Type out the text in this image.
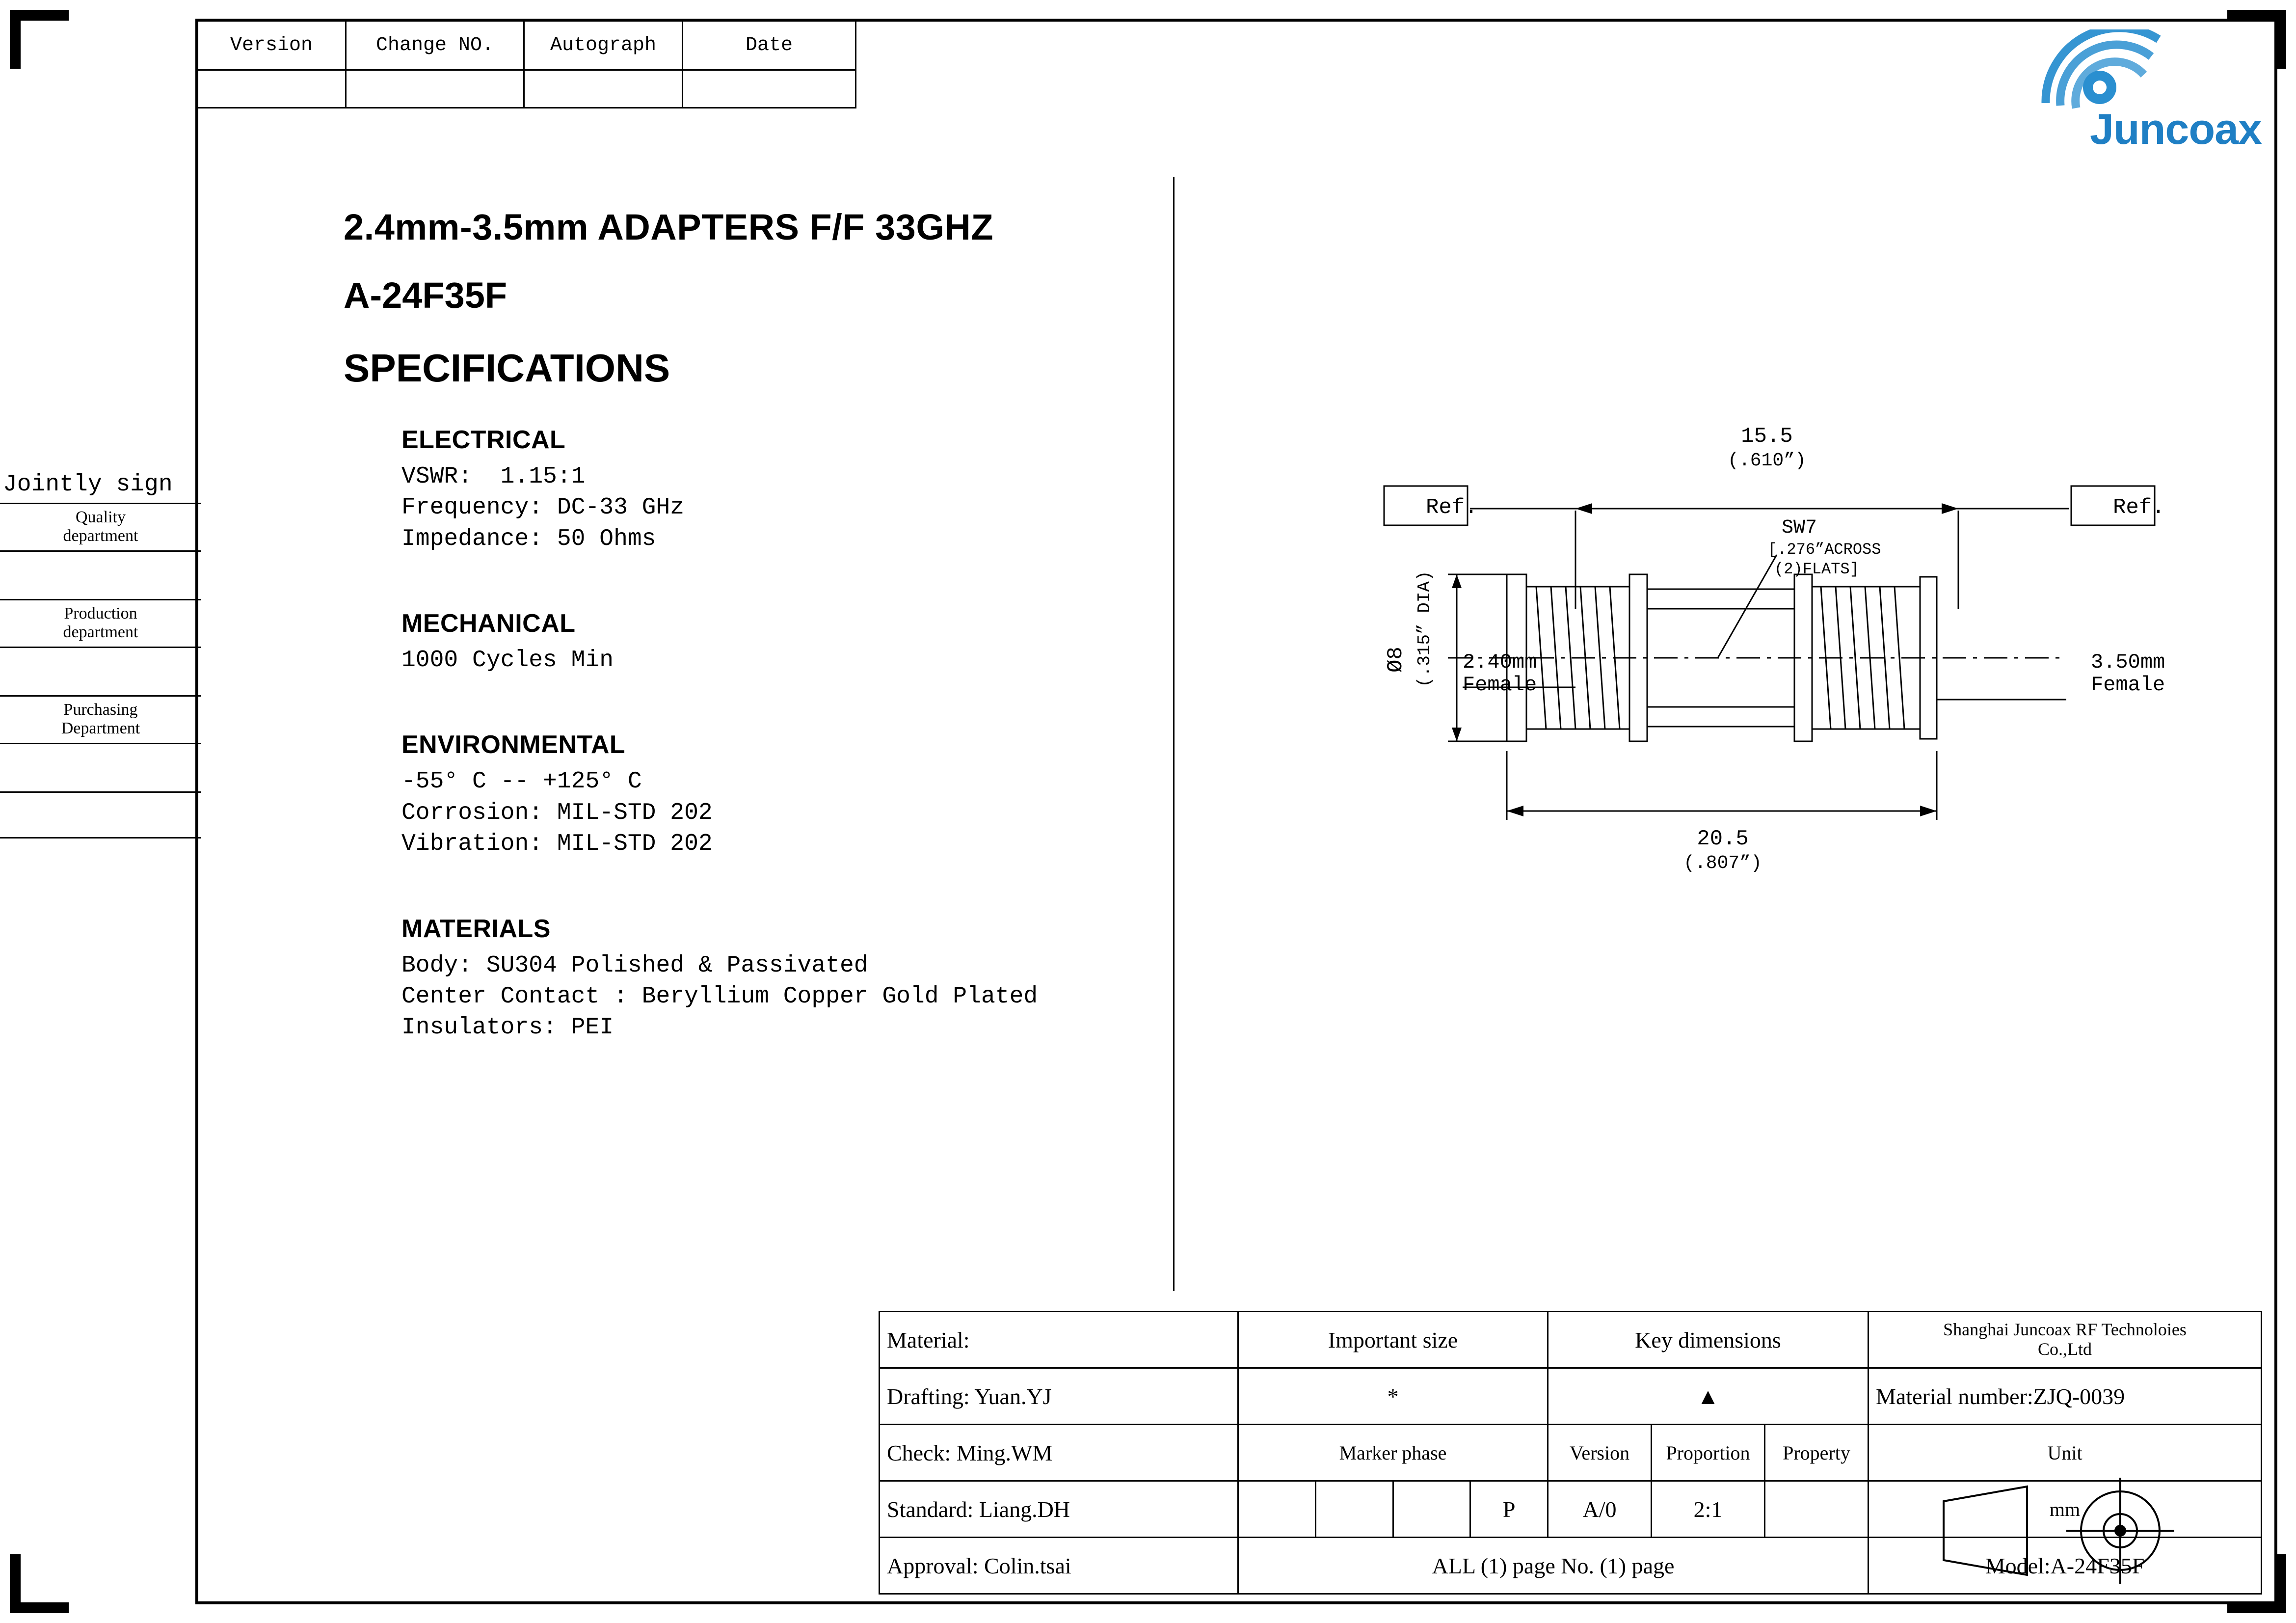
Version	Change NO.	Autograph	Date

Juncoax
Jointly sign
Quality
department
Production
department
Purchasing
Department
2.4mm-3.5mm ADAPTERS F/F 33GHZ
A-24F35F
SPECIFICATIONS
ELECTRICAL
VSWR:  1.15:1
Frequency: DC-33 GHz
Impedance: 50 Ohms
MECHANICAL
1000 Cycles Min
ENVIRONMENTAL
-55° C -- +125° C
Corrosion: MIL-STD 202
Vibration: MIL-STD 202
MATERIALS
Body: SU304 Polished & Passivated
Center Contact : Beryllium Copper Gold Plated
Insulators: PEI
Ref.	Ref.
15.5
(.610”)
SW7
[.276”ACROSS
(2)FLATS]
20.5
(.807”)
Ø8 (.315” DIA) 2.40mm
Female
3.50mm
Female
Material:	Important size				Key dimensions			Shanghai Juncoax RF Technoloies
Co.,Ltd

Drafting: Yuan.YJ	*				▲			Material number:ZJQ-0039
Check: Ming.WM	Marker phase				Version	Proportion	Property	Unit
Standard: Liang.DH				P	A/0	2:1		mm
Approval: Colin.tsai	ALL (1) page No. (1) page							Model:A-24F35F
